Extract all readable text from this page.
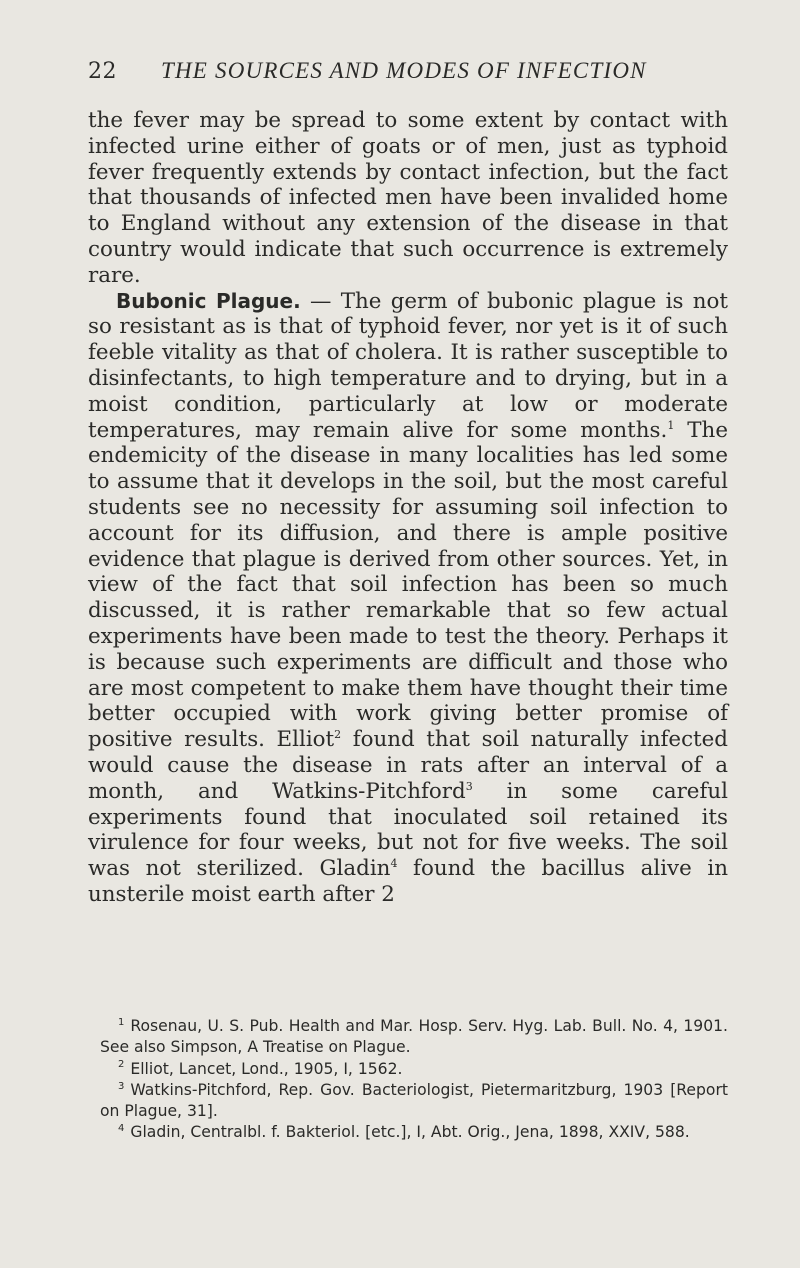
22 THE SOURCES AND MODES OF INFECTION

the fever may be spread to some extent by contact with infected urine either of goats or of men, just as typhoid fever frequently extends by contact infection, but the fact that thousands of infected men have been invalided home to England without any extension of the disease in that country would indicate that such occurrence is extremely rare.

Bubonic Plague. — The germ of bubonic plague is not so resistant as is that of typhoid fever, nor yet is it of such feeble vitality as that of cholera. It is rather susceptible to disinfectants, to high temperature and to drying, but in a moist condition, particularly at low or moderate temperatures, may remain alive for some months.$^1$ The endemicity of the disease in many localities has led some to assume that it develops in the soil, but the most careful students see no necessity for assuming soil infection to account for its diffusion, and there is ample positive evidence that plague is derived from other sources. Yet, in view of the fact that soil infection has been so much discussed, it is rather remarkable that so few actual experiments have been made to test the theory. Perhaps it is because such experiments are difficult and those who are most competent to make them have thought their time better occupied with work giving better promise of positive results. Elliot$^2$ found that soil naturally infected would cause the disease in rats after an interval of a month, and Watkins-Pitchford$^3$ in some careful experiments found that inoculated soil retained its virulence for four weeks, but not for five weeks. The soil was not sterilized. Gladin$^4$ found the bacillus alive in unsterile moist earth after 2

$^1$ Rosenau, U. S. Pub. Health and Mar. Hosp. Serv. Hyg. Lab. Bull. No. 4, 1901. See also Simpson, A Treatise on Plague.

$^2$ Elliot, Lancet, Lond., 1905, I, 1562.

$^3$ Watkins-Pitchford, Rep. Gov. Bacteriologist, Pietermaritzburg, 1903 [Report on Plague, 31].

$^4$ Gladin, Centralbl. f. Bakteriol. [etc.], I, Abt. Orig., Jena, 1898, XXIV, 588.
